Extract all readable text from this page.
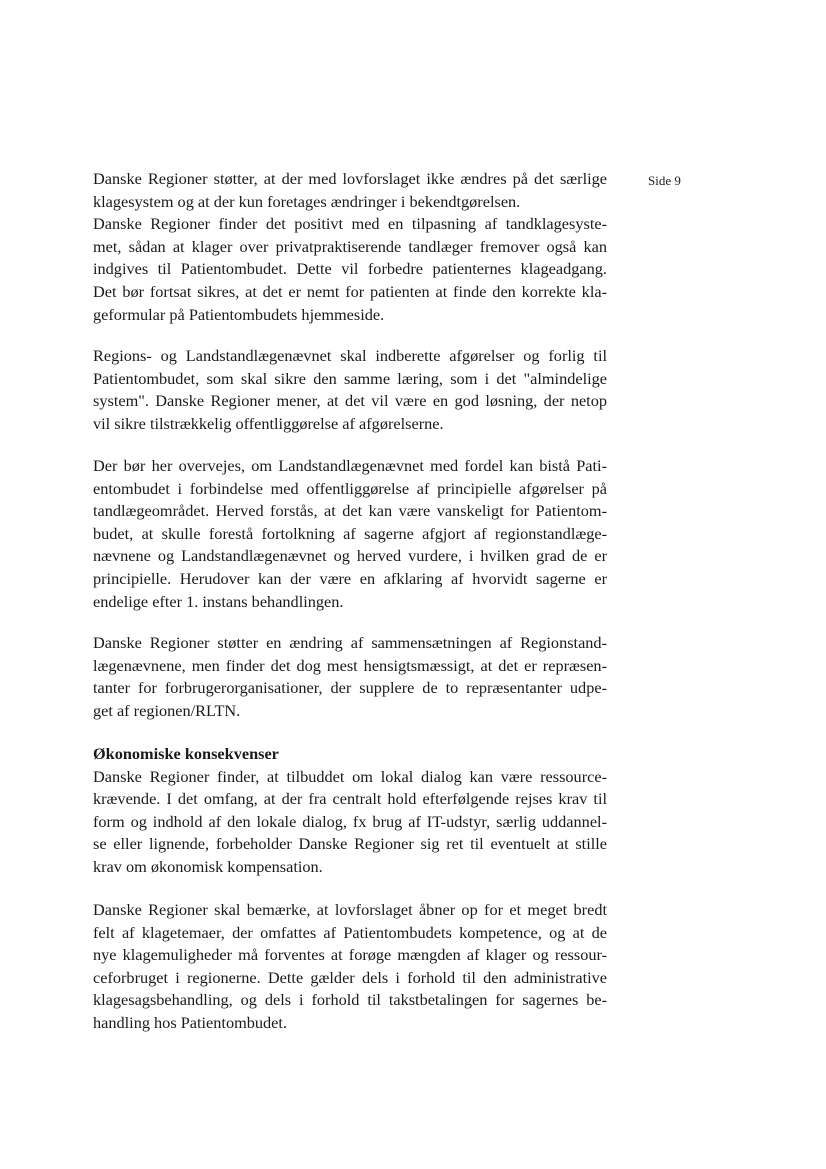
Side 9
Danske Regioner støtter, at der med lovforslaget ikke ændres på det særlige
klagesystem og at der kun foretages ændringer i bekendtgørelsen.
Danske Regioner finder det positivt med en tilpasning af tandklagesyste-
met, sådan at klager over privatpraktiserende tandlæger fremover også kan
indgives til Patientombudet. Dette vil forbedre patienternes klageadgang.
Det bør fortsat sikres, at det er nemt for patienten at finde den korrekte kla-
geformular på Patientombudets hjemmeside.
Regions- og Landstandlægenævnet skal indberette afgørelser og forlig til
Patientombudet, som skal sikre den samme læring, som i det "almindelige
system". Danske Regioner mener, at det vil være en god løsning, der netop
vil sikre tilstrækkelig offentliggørelse af afgørelserne.
Der bør her overvejes, om Landstandlægenævnet med fordel kan bistå Pati-
entombudet i forbindelse med offentliggørelse af principielle afgørelser på
tandlægeområdet. Herved forstås, at det kan være vanskeligt for Patientom-
budet, at skulle forestå fortolkning af sagerne afgjort af regionstandlæge-
nævnene og Landstandlægenævnet og herved vurdere, i hvilken grad de er
principielle. Herudover kan der være en afklaring af hvorvidt sagerne er
endelige efter 1. instans behandlingen.
Danske Regioner støtter en ændring af sammensætningen af Regionstand-
lægenævnene, men finder det dog mest hensigtsmæssigt, at det er repræsen-
tanter for forbrugerorganisationer, der supplere de to repræsentanter udpe-
get af regionen/RLTN.
Økonomiske konsekvenser
Danske Regioner finder, at tilbuddet om lokal dialog kan være ressource-
krævende. I det omfang, at der fra centralt hold efterfølgende rejses krav til
form og indhold af den lokale dialog, fx brug af IT-udstyr, særlig uddannel-
se eller lignende, forbeholder Danske Regioner sig ret til eventuelt at stille
krav om økonomisk kompensation.
Danske Regioner skal bemærke, at lovforslaget åbner op for et meget bredt
felt af klagetemaer, der omfattes af Patientombudets kompetence, og at de
nye klagemuligheder må forventes at forøge mængden af klager og ressour-
ceforbruget i regionerne. Dette gælder dels i forhold til den administrative
klagesagsbehandling, og dels i forhold til takstbetalingen for sagernes be-
handling hos Patientombudet.
